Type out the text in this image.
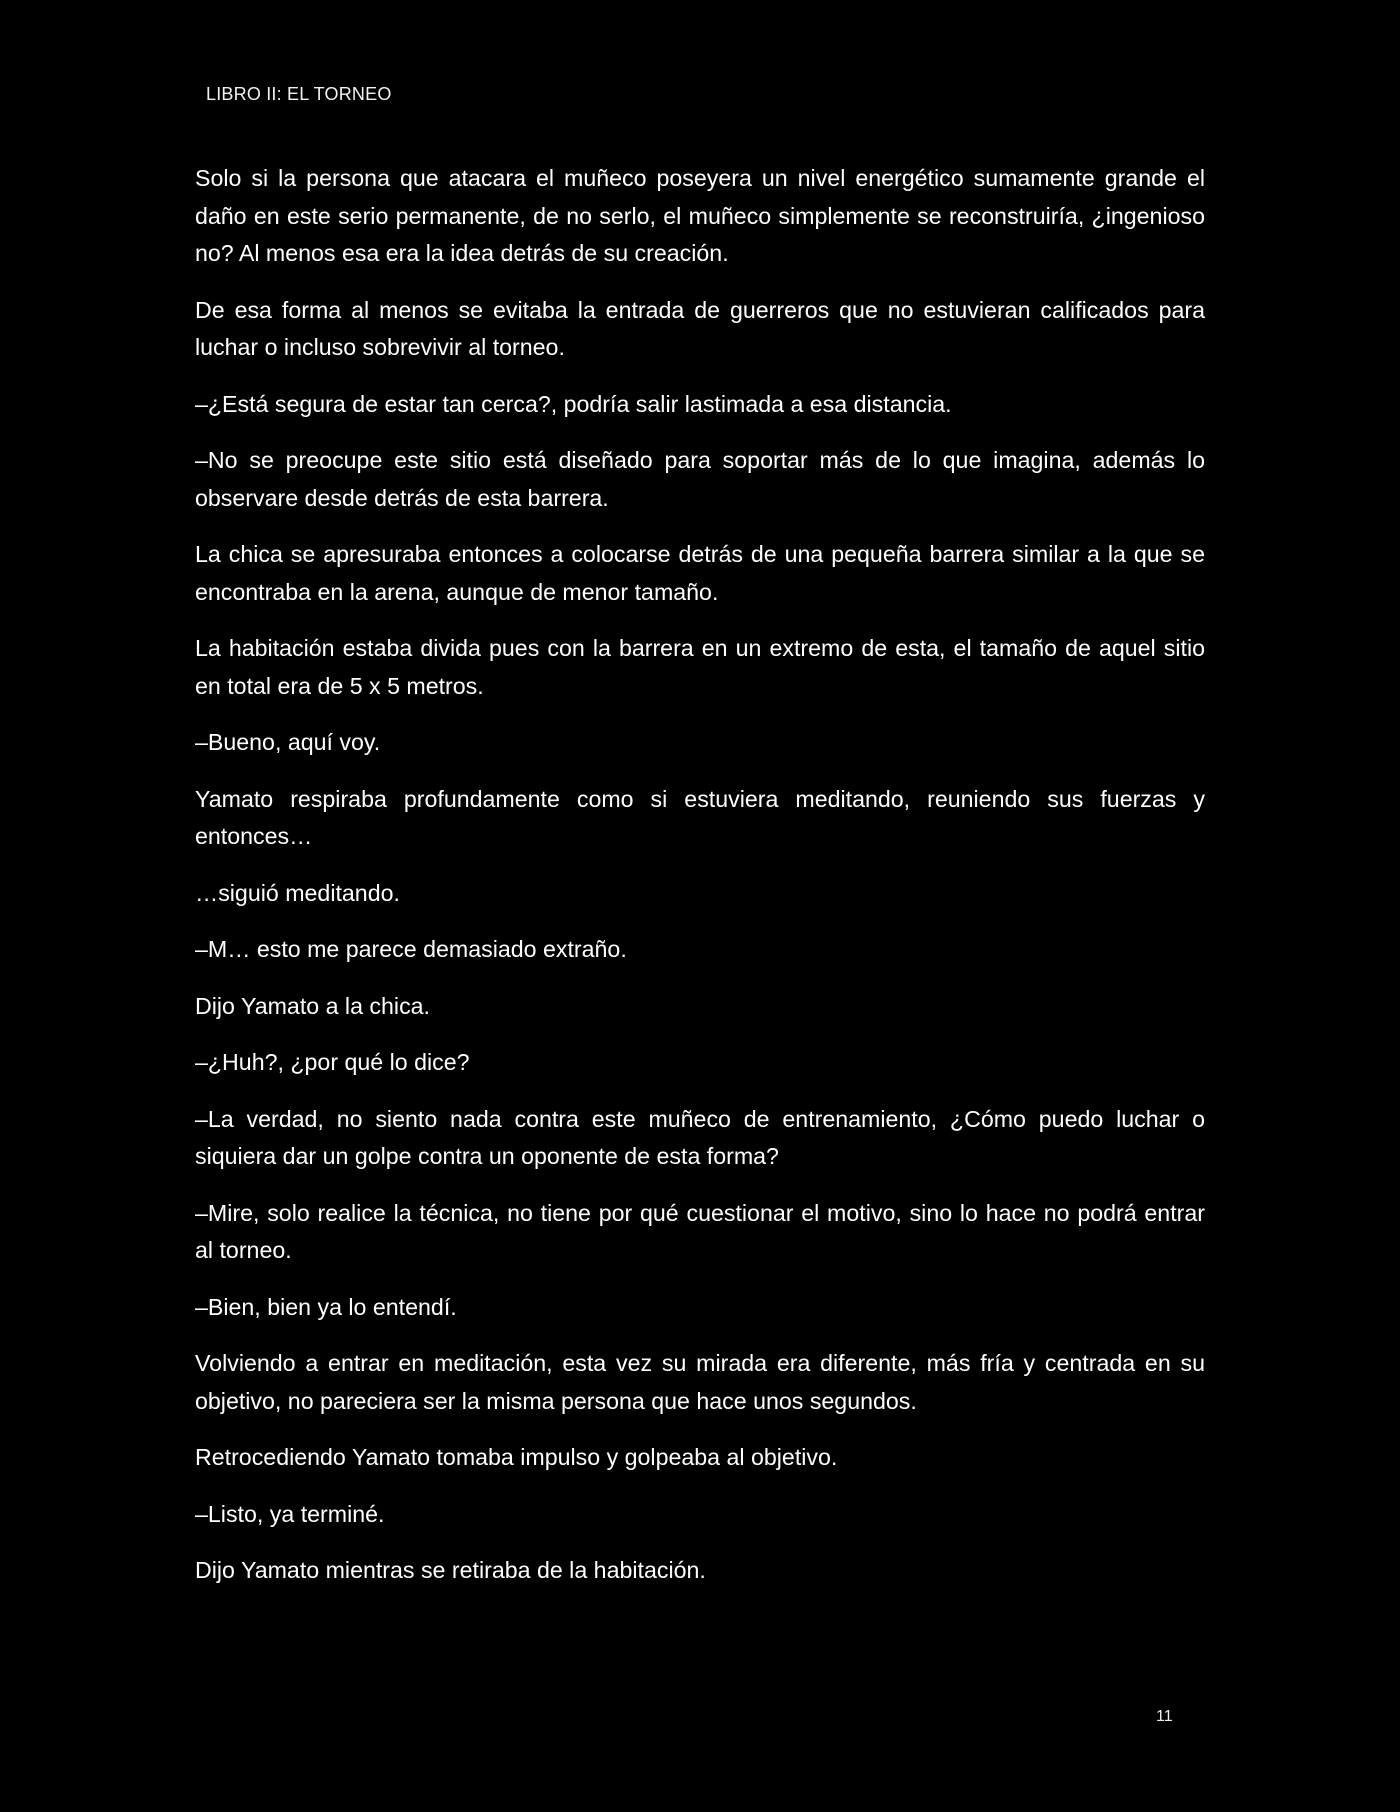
LIBRO II: EL TORNEO

Solo si la persona que atacara el muñeco poseyera un nivel energético sumamente grande el daño en este serio permanente, de no serlo, el muñeco simplemente se reconstruiría, ¿ingenioso no? Al menos esa era la idea detrás de su creación.

De esa forma al menos se evitaba la entrada de guerreros que no estuvieran calificados para luchar o incluso sobrevivir al torneo.

–¿Está segura de estar tan cerca?, podría salir lastimada a esa distancia.

–No se preocupe este sitio está diseñado para soportar más de lo que imagina, además lo observare desde detrás de esta barrera.

La chica se apresuraba entonces a colocarse detrás de una pequeña barrera similar a la que se encontraba en la arena, aunque de menor tamaño.

La habitación estaba divida pues con la barrera en un extremo de esta, el tamaño de aquel sitio en total era de 5 x 5 metros.

–Bueno, aquí voy.

Yamato respiraba profundamente como si estuviera meditando, reuniendo sus fuerzas y entonces…

…siguió meditando.

–M… esto me parece demasiado extraño.

Dijo Yamato a la chica.

–¿Huh?, ¿por qué lo dice?

–La verdad, no siento nada contra este muñeco de entrenamiento, ¿Cómo puedo luchar o siquiera dar un golpe contra un oponente de esta forma?

–Mire, solo realice la técnica, no tiene por qué cuestionar el motivo, sino lo hace no podrá entrar al torneo.

–Bien, bien ya lo entendí.

Volviendo a entrar en meditación, esta vez su mirada era diferente, más fría y centrada en su objetivo, no pareciera ser la misma persona que hace unos segundos.

Retrocediendo Yamato tomaba impulso y golpeaba al objetivo.

–Listo, ya terminé.

Dijo Yamato mientras se retiraba de la habitación.

11
